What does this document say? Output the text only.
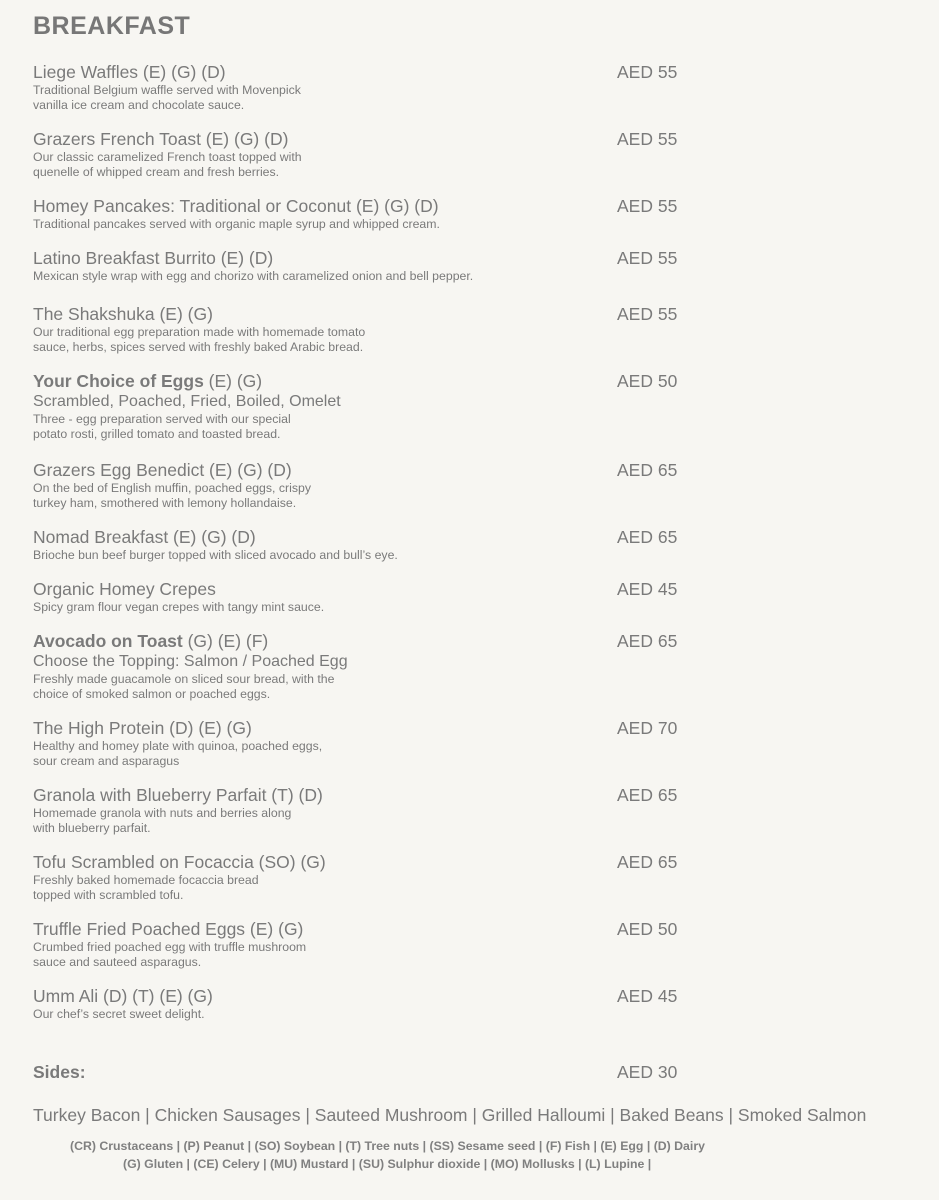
BREAKFAST
Liege Waffles (E) (G) (D)
Traditional Belgium waffle served with Movenpick
vanilla ice cream and chocolate sauce.
AED 55
Grazers French Toast (E) (G) (D)
Our classic caramelized French toast topped with
quenelle of whipped cream and fresh berries.
AED 55
Homey Pancakes: Traditional or Coconut (E) (G) (D)
Traditional pancakes served with organic maple syrup and whipped cream.
AED 55
Latino Breakfast Burrito (E) (D)
Mexican style wrap with egg and chorizo with caramelized onion and bell pepper.
AED 55
The Shakshuka (E) (G)
Our traditional egg preparation made with homemade tomato
sauce, herbs, spices served with freshly baked Arabic bread.
AED 55
Your Choice of Eggs (E) (G)
Scrambled, Poached, Fried, Boiled, Omelet
Three - egg preparation served with our special
potato rosti, grilled tomato and toasted bread.
AED 50
Grazers Egg Benedict (E) (G) (D)
On the bed of English muffin, poached eggs, crispy
turkey ham, smothered with lemony hollandaise.
AED 65
Nomad Breakfast (E) (G) (D)
Brioche bun beef burger topped with sliced avocado and bull’s eye.
AED 65
Organic Homey Crepes
Spicy gram flour vegan crepes with tangy mint sauce.
AED 45
Avocado on Toast (G) (E) (F)
Choose the Topping: Salmon / Poached Egg
Freshly made guacamole on sliced sour bread, with the
choice of smoked salmon or poached eggs.
AED 65
The High Protein (D) (E) (G)
Healthy and homey plate with quinoa, poached eggs,
sour cream and asparagus
AED 70
Granola with Blueberry Parfait (T) (D)
Homemade granola with nuts and berries along
with blueberry parfait.
AED 65
Tofu Scrambled on Focaccia (SO) (G)
Freshly baked homemade focaccia bread
topped with scrambled tofu.
AED 65
Truffle Fried Poached Eggs (E) (G)
Crumbed fried poached egg with truffle mushroom
sauce and sauteed asparagus.
AED 50
Umm Ali (D) (T) (E) (G)
Our chef’s secret sweet delight.
AED 45
Sides:	AED 30
Turkey Bacon | Chicken Sausages | Sauteed Mushroom | Grilled Halloumi | Baked Beans | Smoked Salmon
(CR) Crustaceans | (P) Peanut | (SO) Soybean | (T) Tree nuts | (SS) Sesame seed | (F) Fish | (E) Egg | (D) Dairy
(G) Gluten | (CE) Celery | (MU) Mustard | (SU) Sulphur dioxide | (MO) Mollusks | (L) Lupine |
